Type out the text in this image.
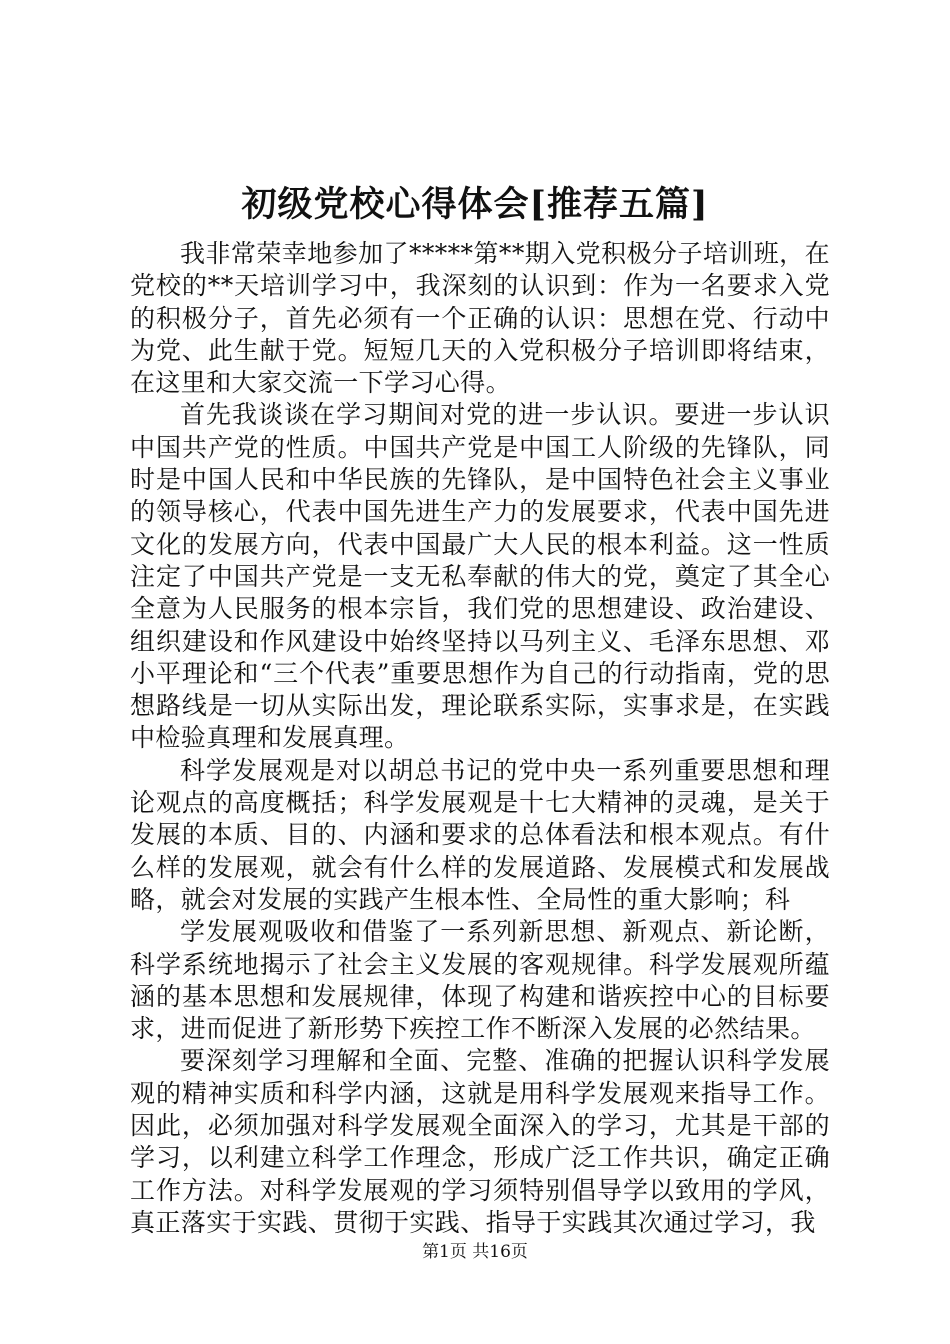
初级党校心得体会[推荐五篇]

我非常荣幸地参加了*****第**期入党积极分子培训班，在党校的**天培训学习中，我深刻的认识到：作为一名要求入党的积极分子，首先必须有一个正确的认识：思想在党、行动中为党、此生献于党。短短几天的入党积极分子培训即将结束，在这里和大家交流一下学习心得。

首先我谈谈在学习期间对党的进一步认识。要进一步认识中国共产党的性质。中国共产党是中国工人阶级的先锋队，同时是中国人民和中华民族的先锋队，是中国特色社会主义事业的领导核心，代表中国先进生产力的发展要求，代表中国先进文化的发展方向，代表中国最广大人民的根本利益。这一性质注定了中国共产党是一支无私奉献的伟大的党，奠定了其全心全意为人民服务的根本宗旨，我们党的思想建设、政治建设、组织建设和作风建设中始终坚持以马列主义、毛泽东思想、邓小平理论和“三个代表”重要思想作为自己的行动指南，党的思想路线是一切从实际出发，理论联系实际，实事求是，在实践中检验真理和发展真理。

科学发展观是对以胡总书记的党中央一系列重要思想和理论观点的高度概括；科学发展观是十七大精神的灵魂，是关于发展的本质、目的、内涵和要求的总体看法和根本观点。有什么样的发展观，就会有什么样的发展道路、发展模式和发展战略，就会对发展的实践产生根本性、全局性的重大影响；科

学发展观吸收和借鉴了一系列新思想、新观点、新论断，科学系统地揭示了社会主义发展的客观规律。科学发展观所蕴涵的基本思想和发展规律，体现了构建和谐疾控中心的目标要求，进而促进了新形势下疾控工作不断深入发展的必然结果。

要深刻学习理解和全面、完整、准确的把握认识科学发展观的精神实质和科学内涵，这就是用科学发展观来指导工作。因此，必须加强对科学发展观全面深入的学习，尤其是干部的学习，以利建立科学工作理念，形成广泛工作共识，确定正确工作方法。对科学发展观的学习须特别倡导学以致用的学风，真正落实于实践、贯彻于实践、指导于实践其次通过学习，我

第1页 共16页
